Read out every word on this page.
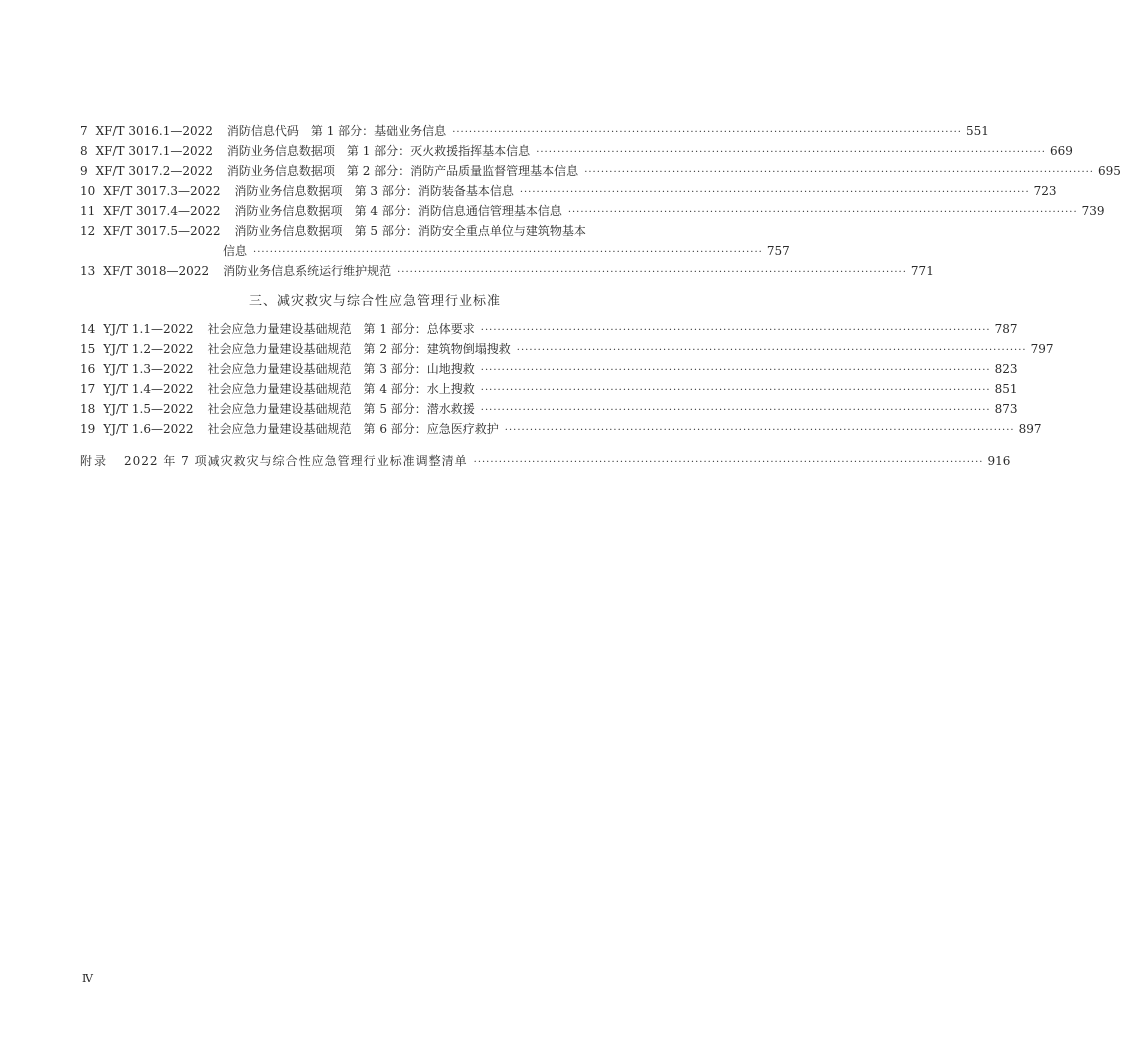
7 XF/T 3016.1—2022 消防信息代码 第 1 部分：基础业务信息 ·····	551
8 XF/T 3017.1—2022 消防业务信息数据项 第 1 部分：灭火救援指挥基本信息 ·····	669
9 XF/T 3017.2—2022 消防业务信息数据项 第 2 部分：消防产品质量监督管理基本信息 ·····	695
10 XF/T 3017.3—2022 消防业务信息数据项 第 3 部分：消防装备基本信息 ·····	723
11 XF/T 3017.4—2022 消防业务信息数据项 第 4 部分：消防信息通信管理基本信息 ·····	739
12 XF/T 3017.5—2022 消防业务信息数据项 第 5 部分：消防安全重点单位与建筑物基本
信息 ·····	757
13 XF/T 3018—2022 消防业务信息系统运行维护规范 ·····	771
三、减灾救灾与综合性应急管理行业标准
14 YJ/T 1.1—2022 社会应急力量建设基础规范 第 1 部分：总体要求 ·····	787
15 YJ/T 1.2—2022 社会应急力量建设基础规范 第 2 部分：建筑物倒塌搜救 ·····	797
16 YJ/T 1.3—2022 社会应急力量建设基础规范 第 3 部分：山地搜救 ·····	823
17 YJ/T 1.4—2022 社会应急力量建设基础规范 第 4 部分：水上搜救 ·····	851
18 YJ/T 1.5—2022 社会应急力量建设基础规范 第 5 部分：潜水救援 ·····	873
19 YJ/T 1.6—2022 社会应急力量建设基础规范 第 6 部分：应急医疗救护 ·····	897
附录 2022 年 7 项减灾救灾与综合性应急管理行业标准调整清单 ·····	916
Ⅳ
